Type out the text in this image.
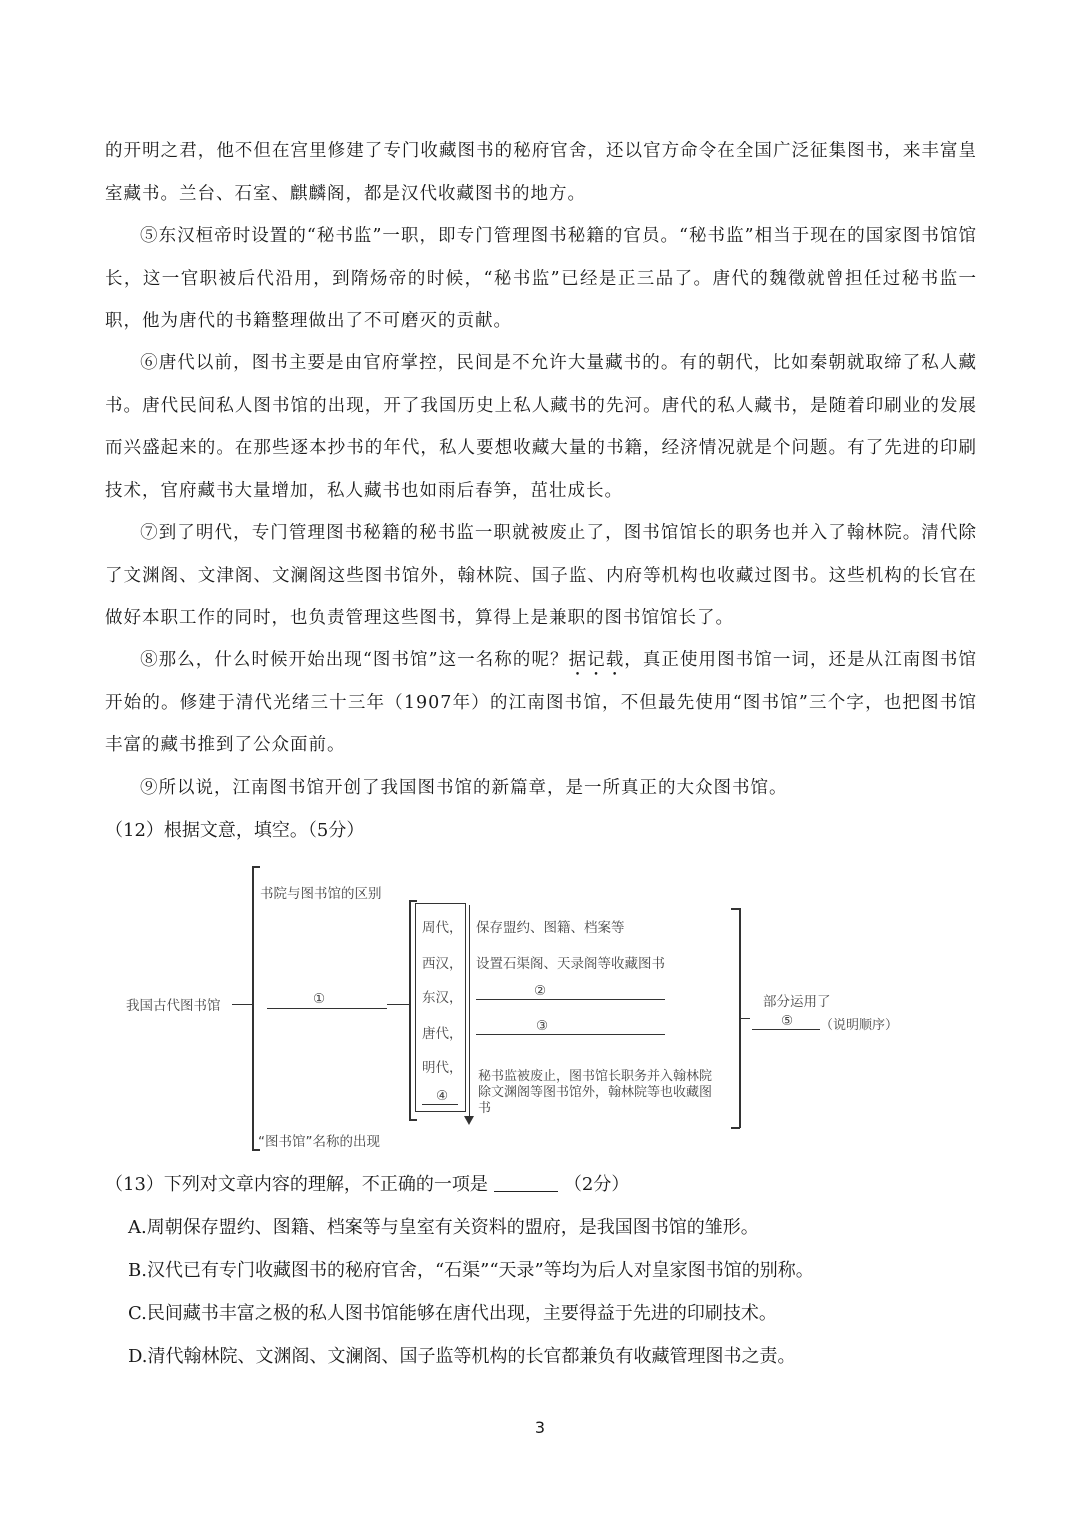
的开明之君，他不但在宫里修建了专门收藏图书的秘府官舍，还以官方命令在全国广泛征集图书，来丰富皇室藏书。兰台、石室、麒麟阁，都是汉代收藏图书的地方。

⑤东汉桓帝时设置的“秘书监”一职，即专门管理图书秘籍的官员。“秘书监”相当于现在的国家图书馆馆长，这一官职被后代沿用，到隋炀帝的时候，“秘书监”已经是正三品了。唐代的魏徵就曾担任过秘书监一职，他为唐代的书籍整理做出了不可磨灭的贡献。

⑥唐代以前，图书主要是由官府掌控，民间是不允许大量藏书的。有的朝代，比如秦朝就取缔了私人藏书。唐代民间私人图书馆的出现，开了我国历史上私人藏书的先河。唐代的私人藏书，是随着印刷业的发展而兴盛起来的。在那些逐本抄书的年代，私人要想收藏大量的书籍，经济情况就是个问题。有了先进的印刷技术，官府藏书大量增加，私人藏书也如雨后春笋，茁壮成长。

⑦到了明代，专门管理图书秘籍的秘书监一职就被废止了，图书馆馆长的职务也并入了翰林院。清代除了文渊阁、文津阁、文澜阁这些图书馆外，翰林院、国子监、内府等机构也收藏过图书。这些机构的长官在做好本职工作的同时，也负责管理这些图书，算得上是兼职的图书馆馆长了。

⑧那么，什么时候开始出现“图书馆”这一名称的呢？据记载，真正使用图书馆一词，还是从江南图书馆开始的。修建于清代光绪三十三年（1907年）的江南图书馆，不但最先使用“图书馆”三个字，也把图书馆丰富的藏书推到了公众面前。

⑨所以说，江南图书馆开创了我国图书馆的新篇章，是一所真正的大众图书馆。

（12）根据文意，填空。（5分）

我国古代图书馆
书院与图书馆的区别
“图书馆”名称的出现
①
周代，
西汉，
东汉，
唐代，
明代，
④
保存盟约、图籍、档案等
设置石渠阁、天录阁等收藏图书
②
③
秘书监被废止，图书馆长职务并入翰林院
除文渊阁等图书馆外，翰林院等也收藏图
书
部分运用了
⑤ （说明顺序）

（13）下列对文章内容的理解，不正确的一项是	（2分）

A.周朝保存盟约、图籍、档案等与皇室有关资料的盟府，是我国图书馆的雏形。

B.汉代已有专门收藏图书的秘府官舍，“石渠”“天录”等均为后人对皇家图书馆的别称。

C.民间藏书丰富之极的私人图书馆能够在唐代出现，主要得益于先进的印刷技术。

D.清代翰林院、文渊阁、文澜阁、国子监等机构的长官都兼负有收藏管理图书之责。

3
